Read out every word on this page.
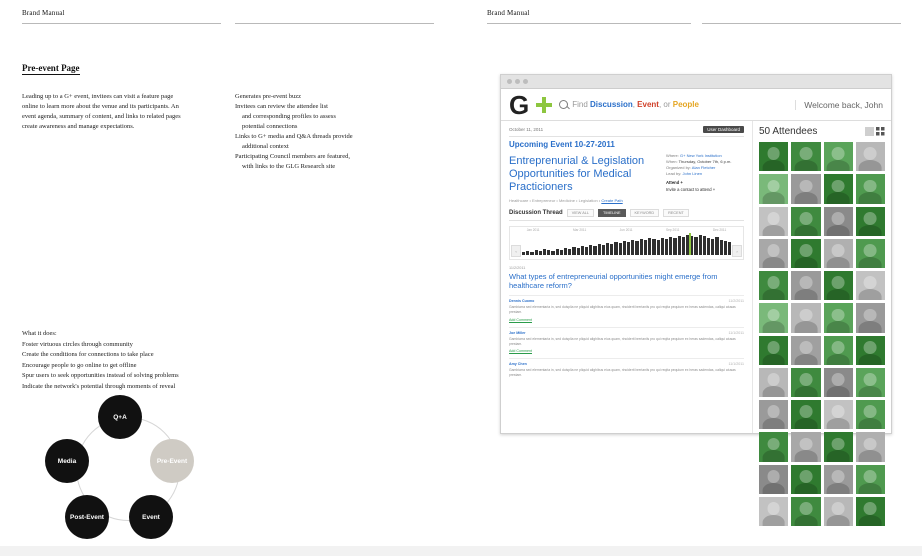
Brand Manual	Brand Manual
Pre-event Page
Leading up to a G+ event, invitees can visit a feature page online to learn more about the venue and its participants. An event agenda, summary of content, and links to related pages create awareness and manage expectations.
Generates pre-event buzz
Invitees can review the attendee list
and corresponding profiles to assess
potential connections
Links to G+ media and Q&A threads provide
additional context
Participating Council members are featured,
with links to the GLG Research site
What it does:
Foster virtuous circles through community
Create the conditions for connections to take place
Encourage people to go online to get offline
Spur users to seek opportunities instead of solving problems
Indicate the network's potential through moments of reveal
Q+A
Media	Pre-Event
Post-Event	Event
G	Find Discussion, Event, or People	Welcome back, John
October 11, 2011	User Dashboard
Upcoming Event 10-27-2011
Entreprenurial & Legislation Opportunities for Medical Practicioners
Where: G+ New York Institution
When: Thursday, October 7th, 6 p.m.
Organized by: Alan Fletcher
Lead by: John Linen
Attend +
Invite a contact to attend +
Healthcare • Entrepreneur • Medicine • Legislation • Create Path
Discussion Thread	VIEW ALL	TIMELINE	KEYWORD	RECENT
Jan 2011	Mar 2011	Jun 2011	Sep 2011	Dec 2011
‹	›
11/2/2011
What types of entrepreneurial opportunities might emerge from healthcare reform?
Dennis Cuomo	11/2/2011
Gambiarra sed elementaria in, sed duisplia ne pliquid alighibus eius quam, rinciderit brerianils pro qui reqita pequium ex heras sadendas, callqui aiusas prestam.
Add Comment
Joe Miller	11/1/2011
Gambiarra sed elementaria in, sed duisplia ne pliquid alighibus eius quam, rinciderit brerianils pro qui reqita pequium ex heras sadendas, callqui aiusas prestam.
Add Comment
Amy Chen	11/1/2011
Gambiarra sed elementaria in, sed duisplia ne pliquid alighibus eius quam, rinciderit brerianils pro qui reqita pequium ex heras sadendas, callqui aiusas prestam.
50 Attendees
